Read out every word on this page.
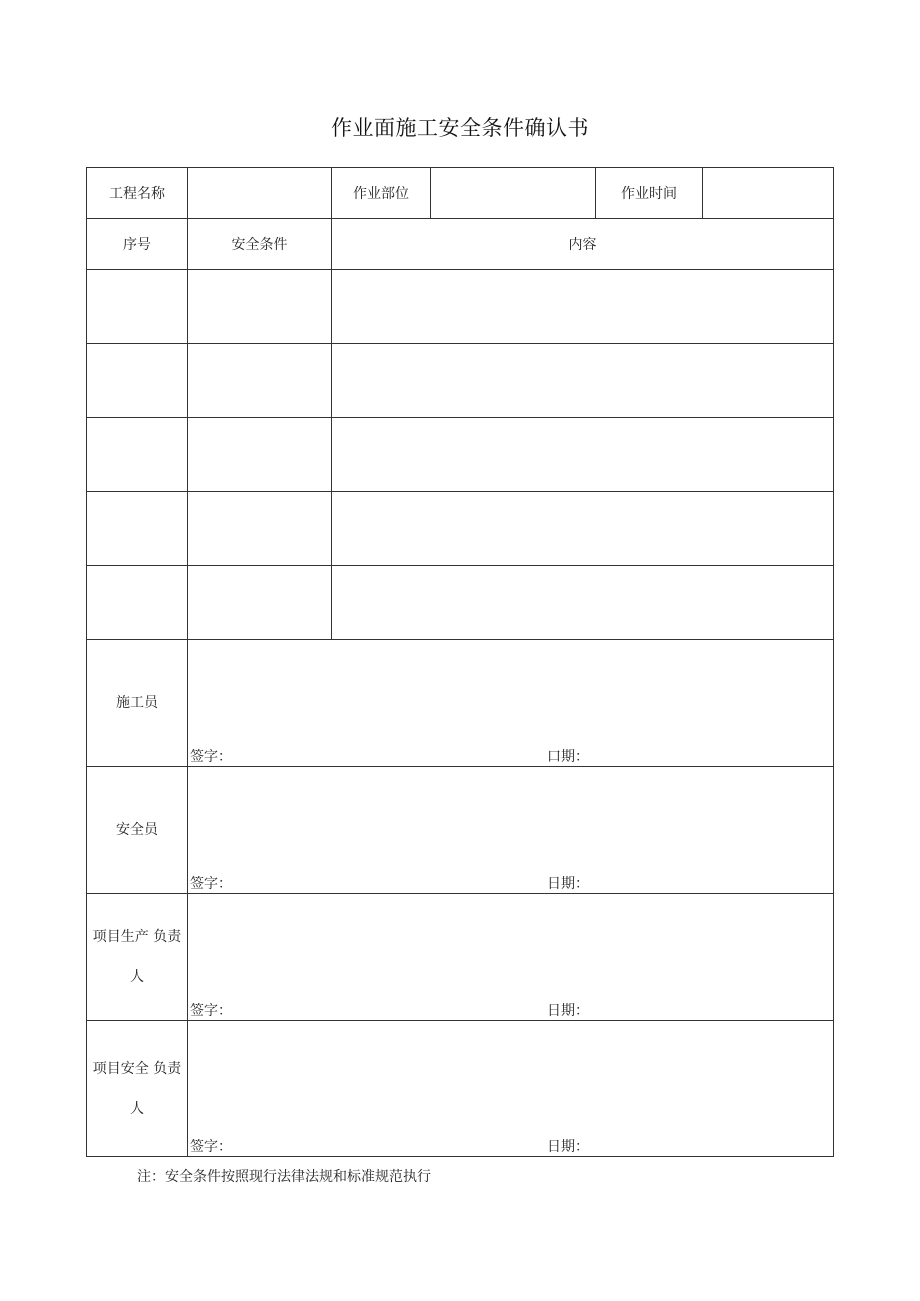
作业面施工安全条件确认书
工程名称		作业部位		作业时间	
序号	安全条件	内容			

施工员	签字： 口期：				

安全员	签字： 日期：				

项目生产 负责人	签字： 日期：				

项目安全 负责人	签字： 日期：				
注：安全条件按照现行法律法规和标准规范执行
